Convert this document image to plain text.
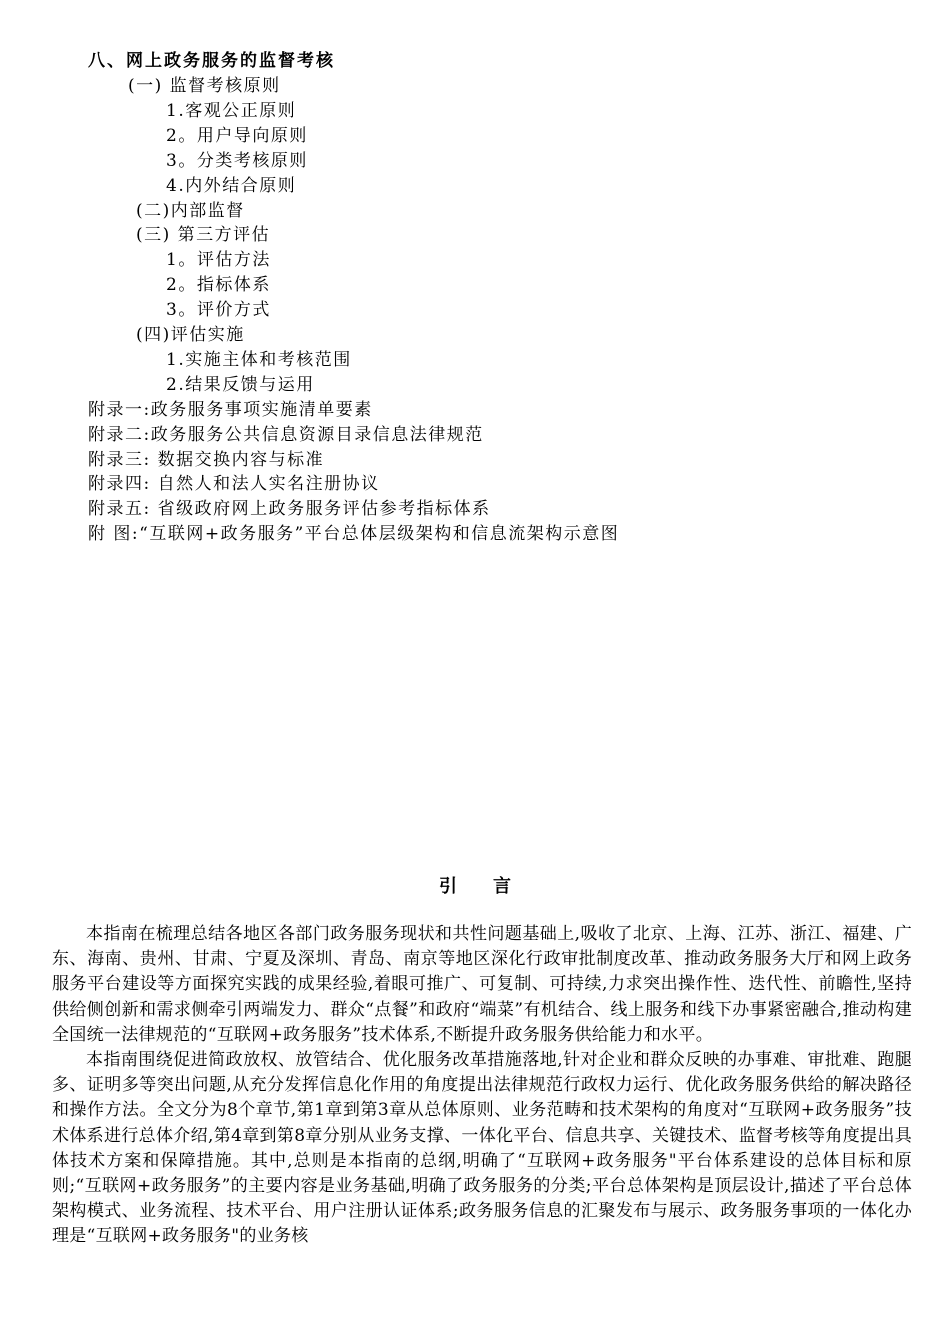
八、网上政务服务的监督考核
(一) 监督考核原则
1.客观公正原则
2。用户导向原则
3。分类考核原则
4.内外结合原则
(二)内部监督
(三) 第三方评估
1。评估方法
2。指标体系
3。评价方式
(四)评估实施
1.实施主体和考核范围
2.结果反馈与运用
附录一:政务服务事项实施清单要素
附录二:政务服务公共信息资源目录信息法律规范
附录三: 数据交换内容与标准
附录四: 自然人和法人实名注册协议
附录五: 省级政府网上政务服务评估参考指标体系
附 图:“互联网+政务服务”平台总体层级架构和信息流架构示意图
引言

本指南在梳理总结各地区各部门政务服务现状和共性问题基础上,吸收了北京、上海、江苏、浙江、福建、广东、海南、贵州、甘肃、宁夏及深圳、青岛、南京等地区深化行政审批制度改革、推动政务服务大厅和网上政务服务平台建设等方面探究实践的成果经验,着眼可推广、可复制、可持续,力求突出操作性、迭代性、前瞻性,坚持供给侧创新和需求侧牵引两端发力、群众“点餐”和政府“端菜”有机结合、线上服务和线下办事紧密融合,推动构建全国统一法律规范的“互联网+政务服务”技术体系,不断提升政务服务供给能力和水平。

本指南围绕促进简政放权、放管结合、优化服务改革措施落地,针对企业和群众反映的办事难、审批难、跑腿多、证明多等突出问题,从充分发挥信息化作用的角度提出法律规范行政权力运行、优化政务服务供给的解决路径和操作方法。全文分为8个章节,第1章到第3章从总体原则、业务范畴和技术架构的角度对“互联网+政务服务”技术体系进行总体介绍,第4章到第8章分别从业务支撑、一体化平台、信息共享、关键技术、监督考核等角度提出具体技术方案和保障措施。其中,总则是本指南的总纲,明确了“互联网+政务服务"平台体系建设的总体目标和原则;“互联网+政务服务”的主要内容是业务基础,明确了政务服务的分类;平台总体架构是顶层设计,描述了平台总体架构模式、业务流程、技术平台、用户注册认证体系;政务服务信息的汇聚发布与展示、政务服务事项的一体化办理是“互联网+政务服务"的业务核
